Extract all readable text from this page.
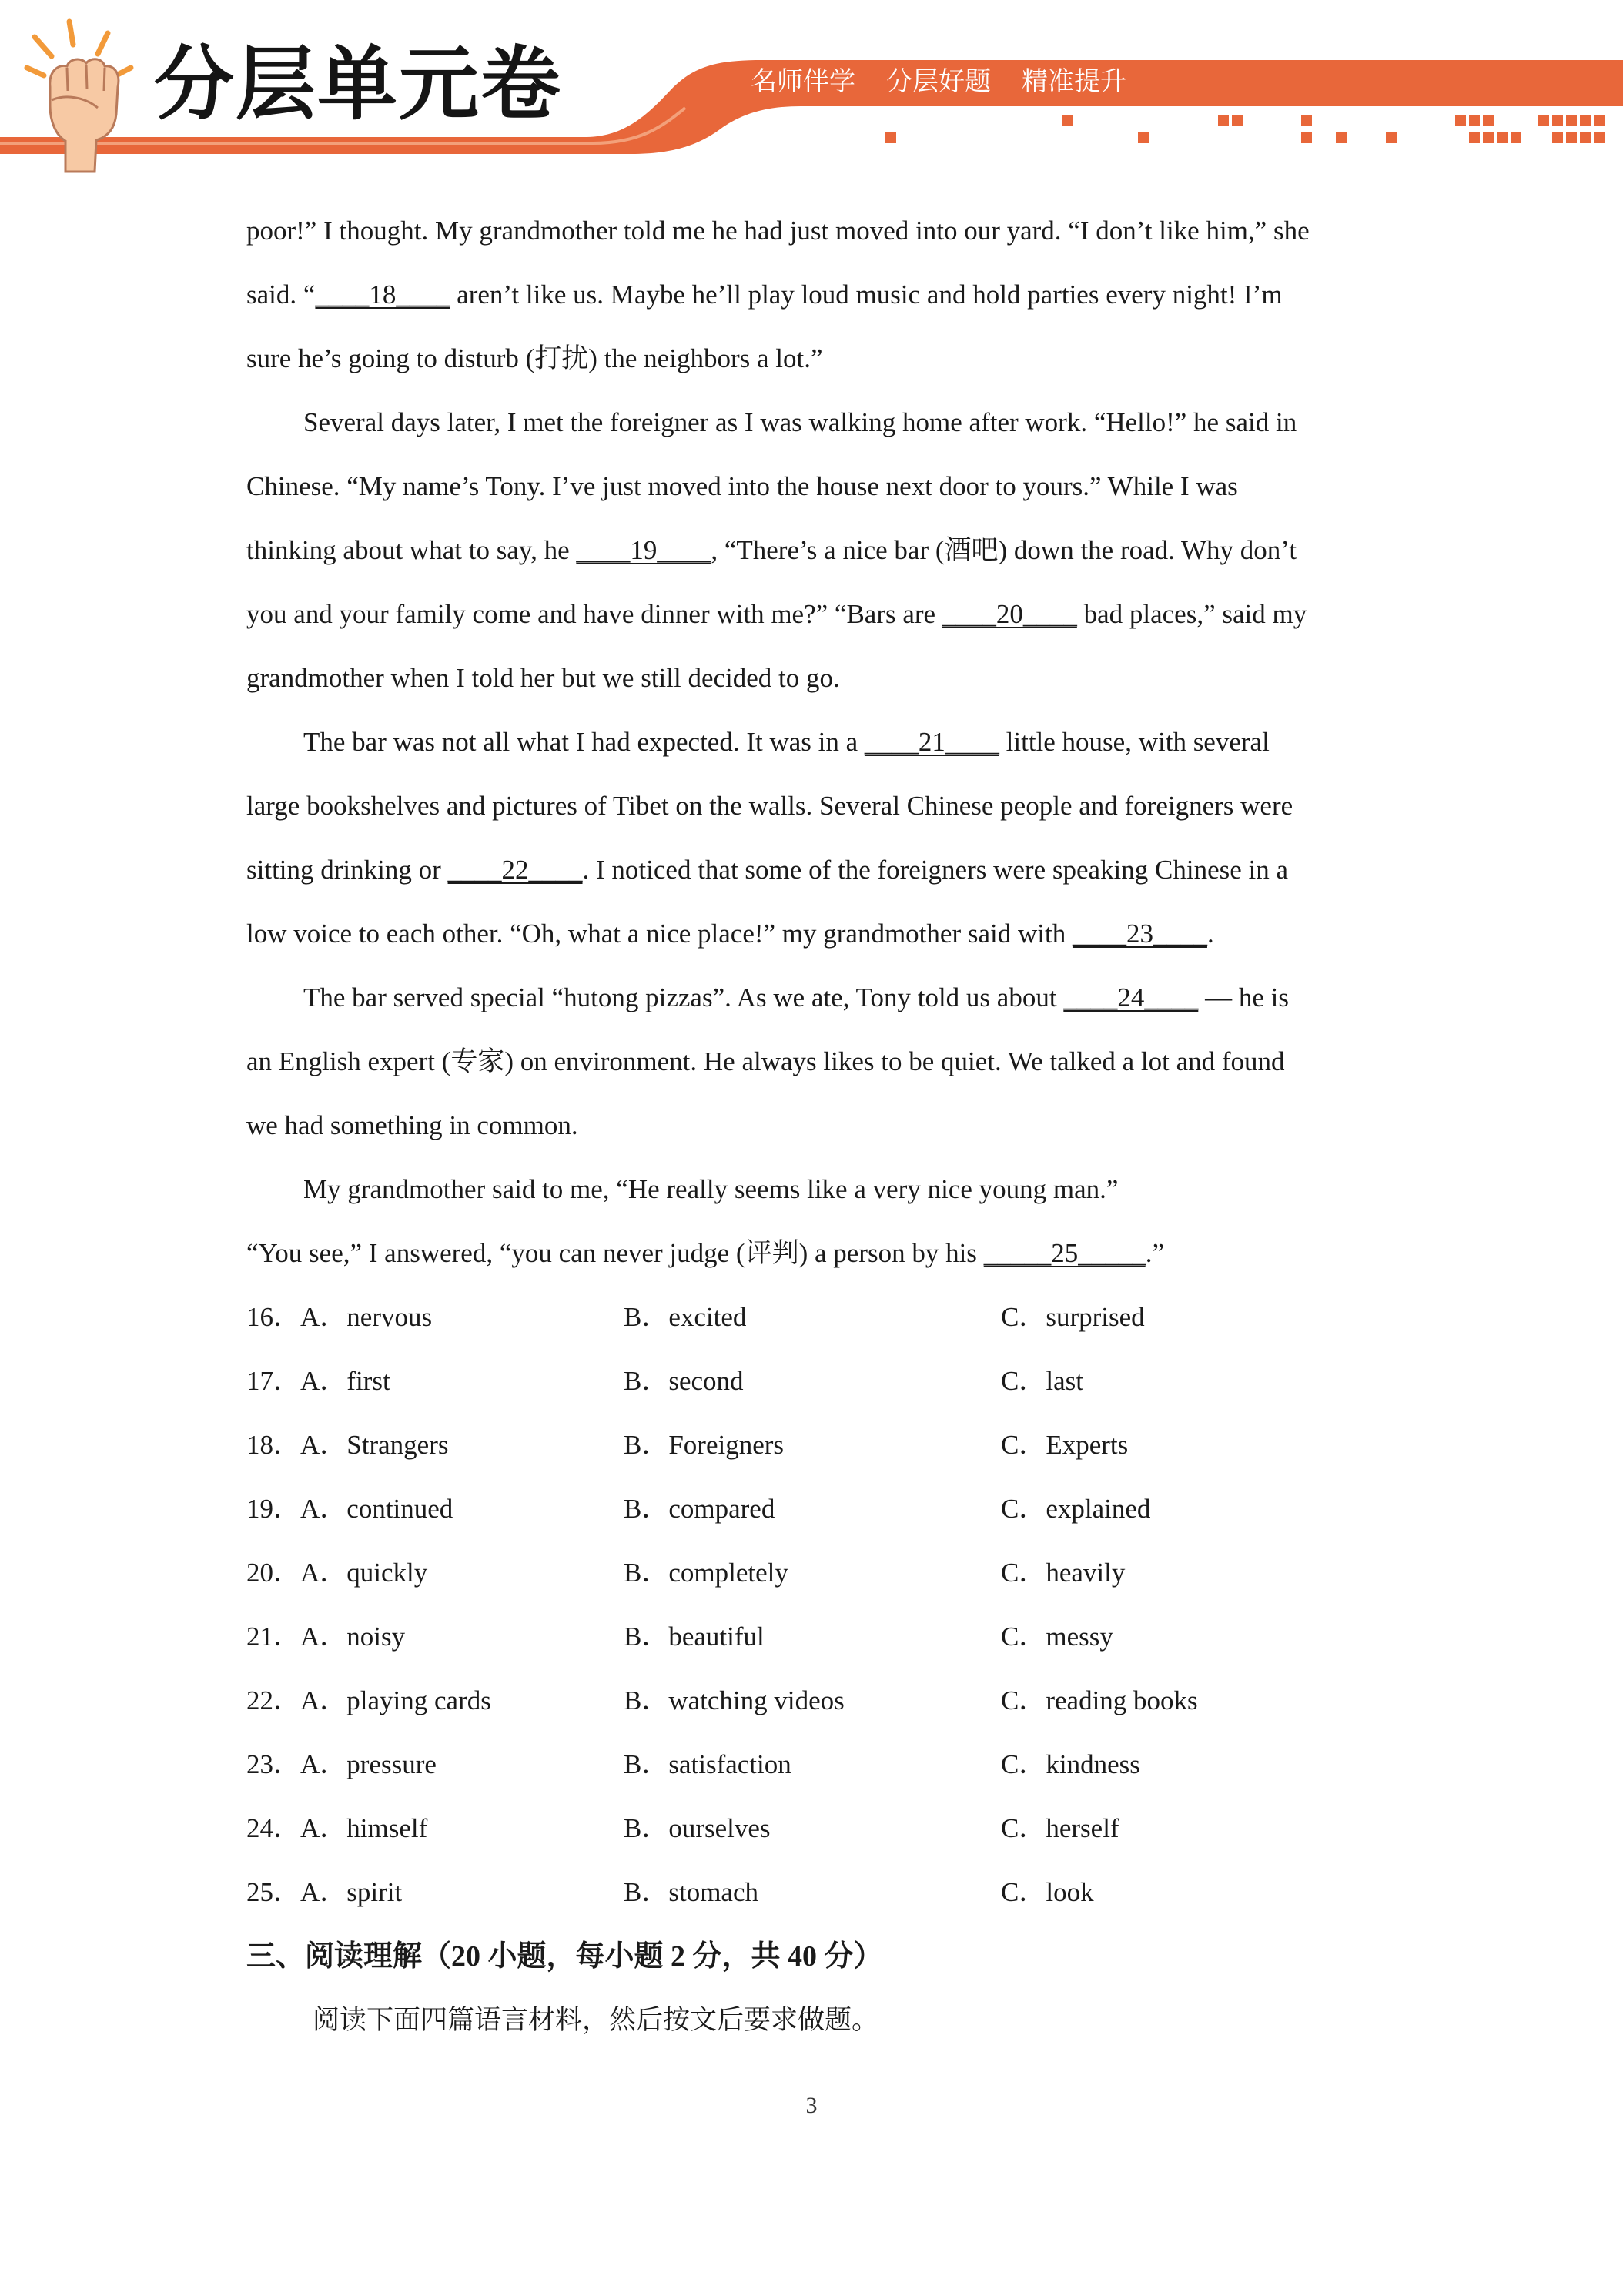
分层单元卷	名师伴学 分层好题 精准提升
poor!” I thought. My grandmother told me he had just moved into our yard. “I don’t like him,” she
said. “____18____ aren’t like us. Maybe he’ll play loud music and hold parties every night! I’m
sure he’s going to disturb (打扰) the neighbors a lot.”
Several days later, I met the foreigner as I was walking home after work. “Hello!” he said in
Chinese. “My name’s Tony. I’ve just moved into the house next door to yours.” While I was
thinking about what to say, he ____19____, “There’s a nice bar (酒吧) down the road. Why don’t
you and your family come and have dinner with me?” “Bars are ____20____ bad places,” said my
grandmother when I told her but we still decided to go.
The bar was not all what I had expected. It was in a ____21____ little house, with several
large bookshelves and pictures of Tibet on the walls. Several Chinese people and foreigners were
sitting drinking or ____22____. I noticed that some of the foreigners were speaking Chinese in a
low voice to each other. “Oh, what a nice place!” my grandmother said with ____23____.
The bar served special “hutong pizzas”. As we ate, Tony told us about ____24____ — he is
an English expert (专家) on environment. He always likes to be quiet. We talked a lot and found
we had something in common.
My grandmother said to me, “He really seems like a very nice young man.”
“You see,” I answered, “you can never judge (评判) a person by his _____25_____.”
16．A．nervous	B．excited	C．surprised
17．A．first	B．second	C．last
18．A．Strangers	B．Foreigners	C．Experts
19．A．continued	B．compared	C．explained
20．A．quickly	B．completely	C．heavily
21．A．noisy	B．beautiful	C．messy
22．A．playing cards	B．watching videos	C．reading books
23．A．pressure	B．satisfaction	C．kindness
24．A．himself	B．ourselves	C．herself
25．A．spirit	B．stomach	C．look
三、阅读理解（20 小题，每小题 2 分，共 40 分）
阅读下面四篇语言材料，然后按文后要求做题。
3
